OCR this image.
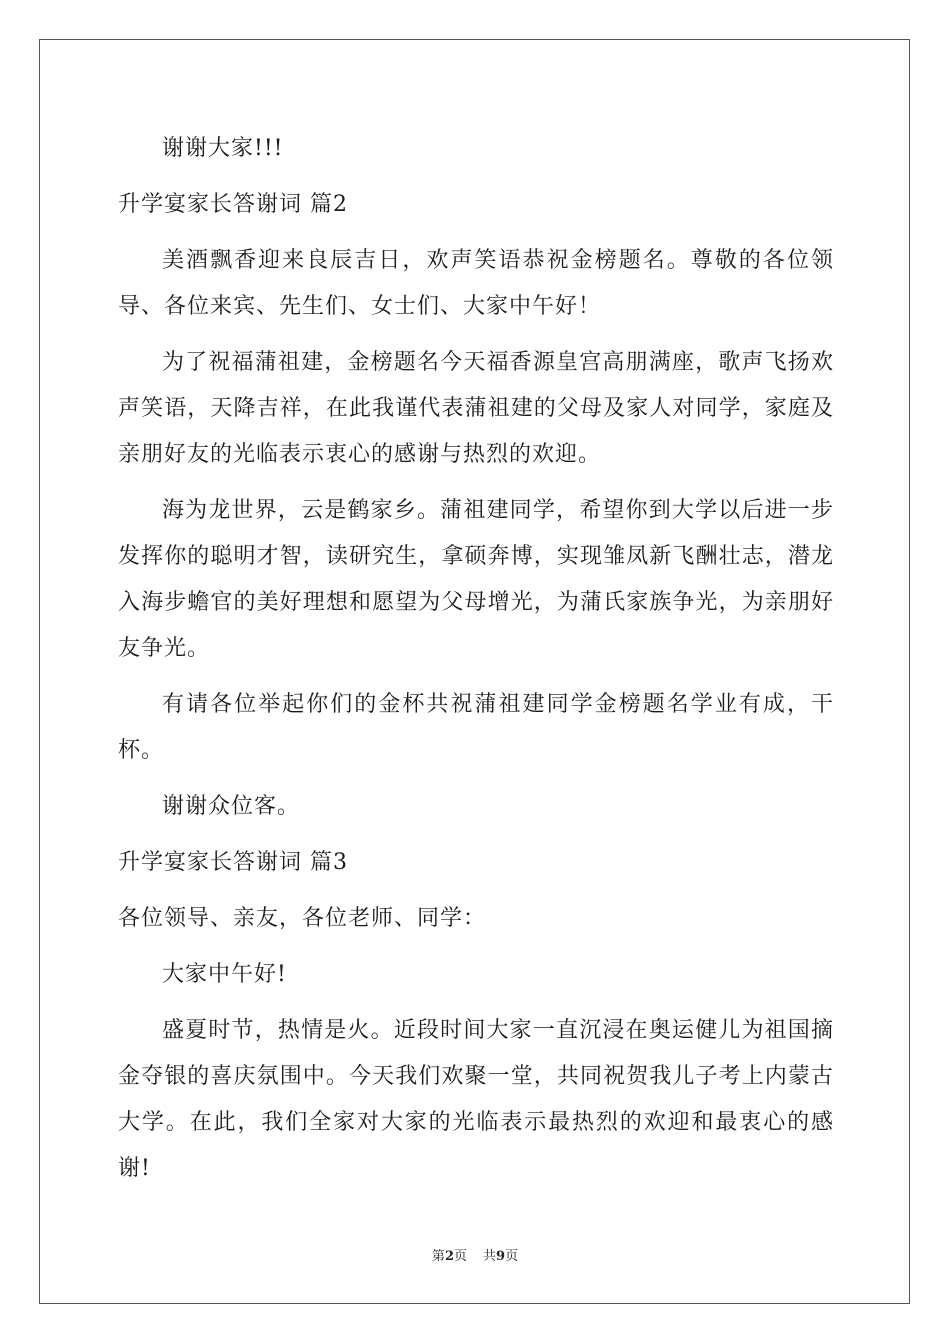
谢谢大家!!!

升学宴家长答谢词 篇2

美酒飘香迎来良辰吉日，欢声笑语恭祝金榜题名。尊敬的各位领导、各位来宾、先生们、女士们、大家中午好！

为了祝福蒲祖建，金榜题名今天福香源皇宫高朋满座，歌声飞扬欢声笑语，天降吉祥，在此我谨代表蒲祖建的父母及家人对同学，家庭及亲朋好友的光临表示衷心的感谢与热烈的欢迎。

海为龙世界，云是鹤家乡。蒲祖建同学，希望你到大学以后进一步发挥你的聪明才智，读研究生，拿硕奔博，实现雏凤新飞酬壮志，潜龙入海步蟾官的美好理想和愿望为父母增光，为蒲氏家族争光，为亲朋好友争光。

有请各位举起你们的金杯共祝蒲祖建同学金榜题名学业有成，干杯。

谢谢众位客。

升学宴家长答谢词 篇3

各位领导、亲友，各位老师、同学：

大家中午好!

盛夏时节，热情是火。近段时间大家一直沉浸在奥运健儿为祖国摘金夺银的喜庆氛围中。今天我们欢聚一堂，共同祝贺我儿子考上内蒙古大学。在此，我们全家对大家的光临表示最热烈的欢迎和最衷心的感谢!

第2页 共9页
